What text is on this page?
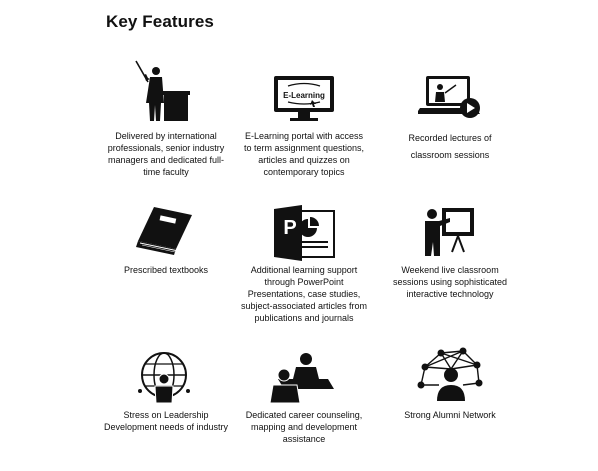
Key Features
Delivered by international
professionals, senior industry
managers and dedicated full-
time faculty
E-Learning
E-Learning portal with access
to term assignment questions,
articles and quizzes on
contemporary topics
Recorded lectures of
classroom sessions
Prescribed textbooks
P
Additional learning support
through PowerPoint
Presentations, case studies,
subject-associated articles from
publications and journals
Weekend live classroom
sessions using sophisticated
interactive technology
Stress on Leadership
Development needs of industry
Dedicated career counseling,
mapping and development
assistance
Strong Alumni Network
